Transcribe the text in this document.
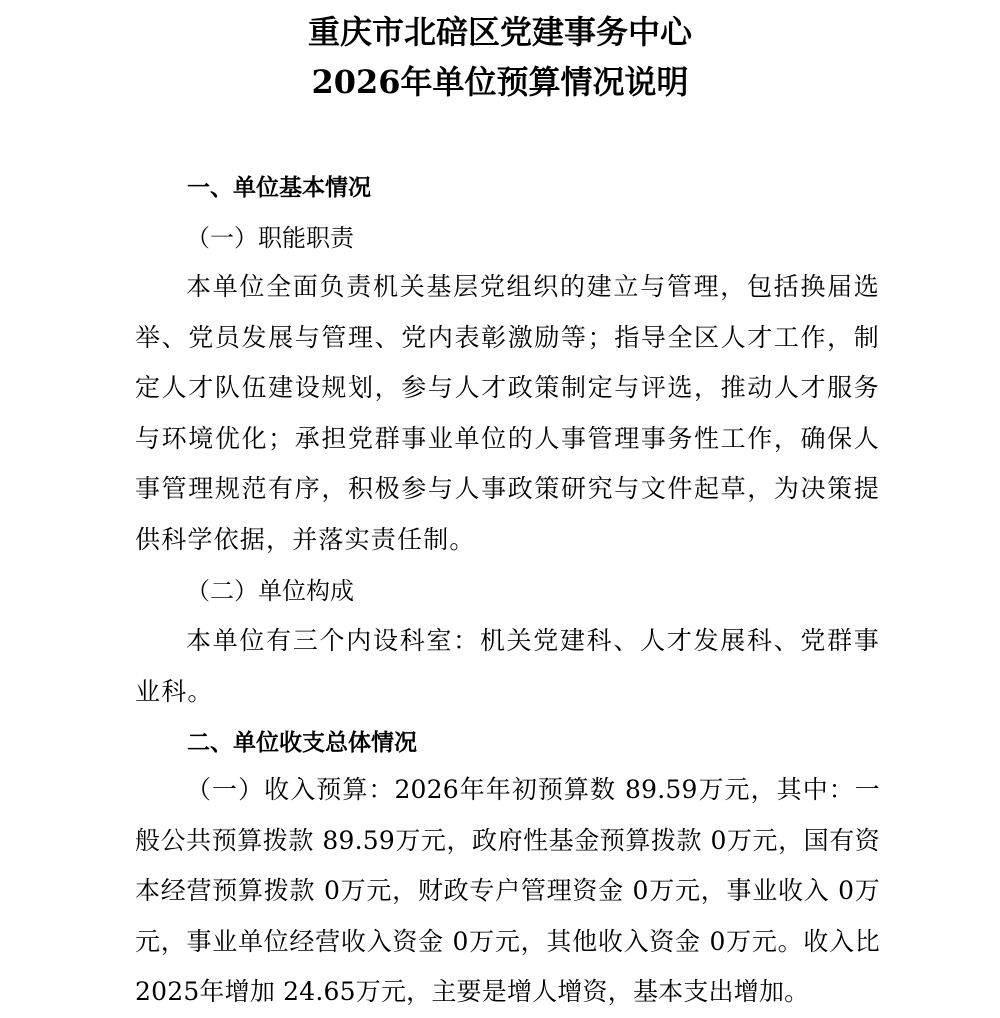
重庆市北碚区党建事务中心
2026年单位预算情况说明
一、单位基本情况
（一）职能职责
本单位全面负责机关基层党组织的建立与管理，包括换届选举、党员发展与管理、党内表彰激励等；指导全区人才工作，制定人才队伍建设规划，参与人才政策制定与评选，推动人才服务与环境优化；承担党群事业单位的人事管理事务性工作，确保人事管理规范有序，积极参与人事政策研究与文件起草，为决策提供科学依据，并落实责任制。
（二）单位构成
本单位有三个内设科室：机关党建科、人才发展科、党群事业科。
二、单位收支总体情况
（一）收入预算：2026年年初预算数 89.59万元，其中：一般公共预算拨款 89.59万元，政府性基金预算拨款 0万元，国有资本经营预算拨款 0万元，财政专户管理资金 0万元，事业收入 0万元，事业单位经营收入资金 0万元，其他收入资金 0万元。收入比2025年增加 24.65万元，主要是增人增资，基本支出增加。
